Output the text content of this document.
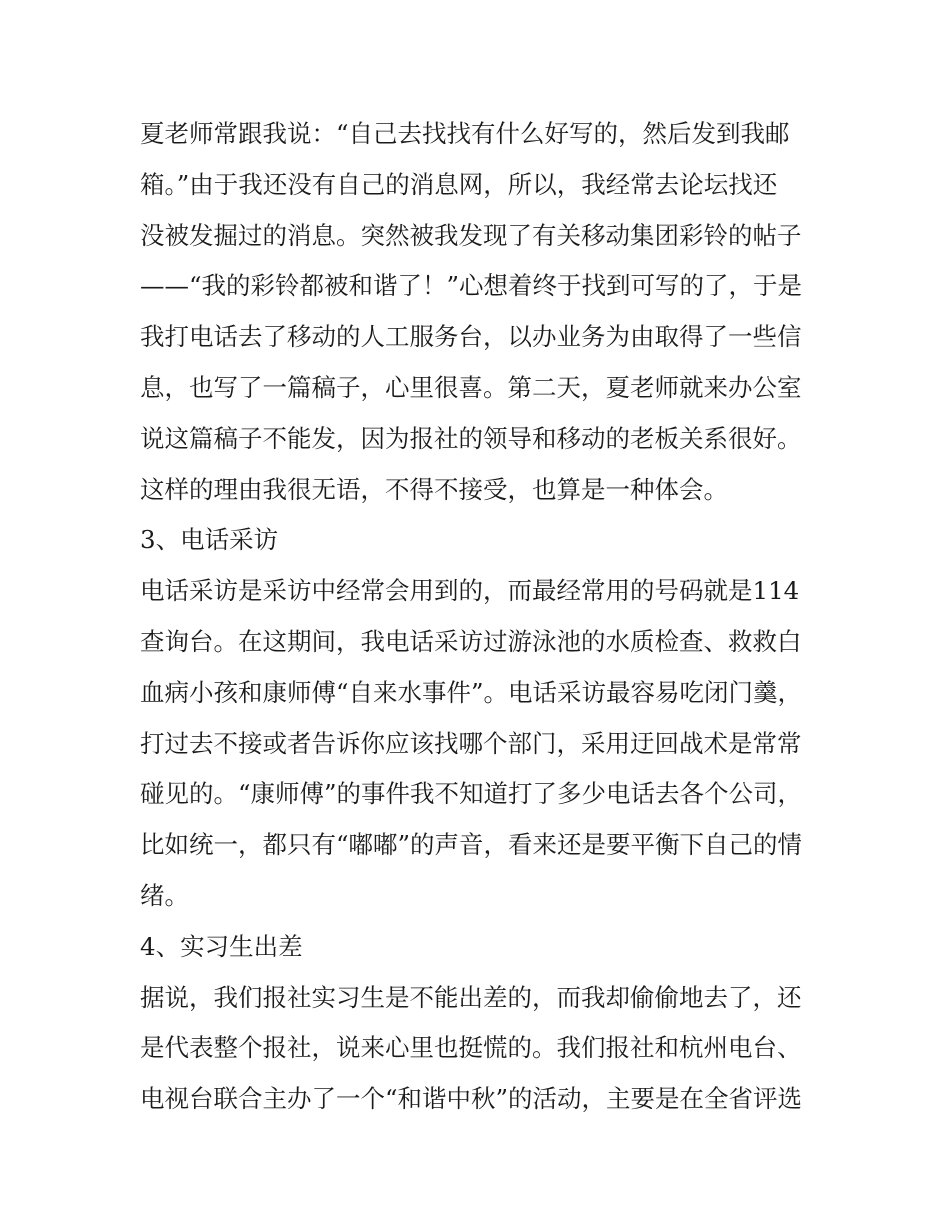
夏老师常跟我说：“自己去找找有什么好写的，然后发到我邮
箱。”由于我还没有自己的消息网，所以，我经常去论坛找还
没被发掘过的消息。突然被我发现了有关移动集团彩铃的帖子
——“我的彩铃都被和谐了！”心想着终于找到可写的了，于是
我打电话去了移动的人工服务台，以办业务为由取得了一些信
息，也写了一篇稿子，心里很喜。第二天，夏老师就来办公室
说这篇稿子不能发，因为报社的领导和移动的老板关系很好。
这样的理由我很无语，不得不接受，也算是一种体会。
3、电话采访
电话采访是采访中经常会用到的，而最经常用的号码就是114
查询台。在这期间，我电话采访过游泳池的水质检查、救救白
血病小孩和康师傅“自来水事件”。电话采访最容易吃闭门羹，
打过去不接或者告诉你应该找哪个部门，采用迂回战术是常常
碰见的。“康师傅”的事件我不知道打了多少电话去各个公司，
比如统一，都只有“嘟嘟”的声音，看来还是要平衡下自己的情
绪。
4、实习生出差
据说，我们报社实习生是不能出差的，而我却偷偷地去了，还
是代表整个报社，说来心里也挺慌的。我们报社和杭州电台、
电视台联合主办了一个“和谐中秋”的活动，主要是在全省评选
